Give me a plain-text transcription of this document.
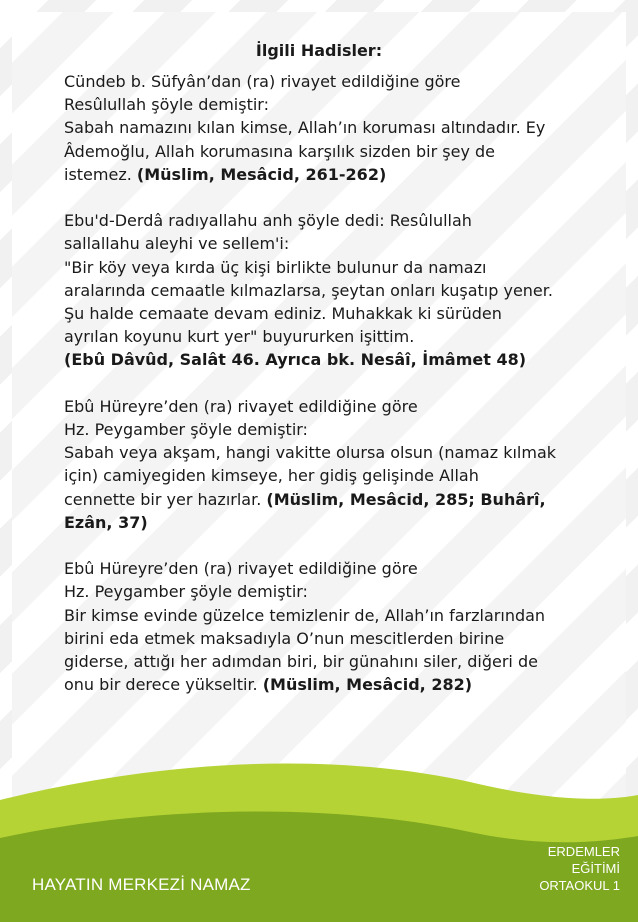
İlgili Hadisler:
Cündeb b. Süfyân’dan (ra) rivayet edildiğine göre
Resûlullah şöyle demiştir:
Sabah namazını kılan kimse, Allah’ın koruması altındadır. Ey
Âdemoğlu, Allah korumasına karşılık sizden bir şey de
istemez. (Müslim, Mesâcid, 261-262)
Ebu'd-Derdâ radıyallahu anh şöyle dedi: Resûlullah
sallallahu aleyhi ve sellem'i:
"Bir köy veya kırda üç kişi birlikte bulunur da namazı
aralarında cemaatle kılmazlarsa, şeytan onları kuşatıp yener.
Şu halde cemaate devam ediniz. Muhakkak ki sürüden
ayrılan koyunu kurt yer" buyururken işittim.
(Ebû Dâvûd, Salât 46. Ayrıca bk. Nesâî, İmâmet 48)
Ebû Hüreyre’den (ra) rivayet edildiğine göre
Hz. Peygamber şöyle demiştir:
Sabah veya akşam, hangi vakitte olursa olsun (namaz kılmak
için) camiyegiden kimseye, her gidiş gelişinde Allah
cennette bir yer hazırlar. (Müslim, Mesâcid, 285; Buhârî,
Ezân, 37)
Ebû Hüreyre’den (ra) rivayet edildiğine göre
Hz. Peygamber şöyle demiştir:
Bir kimse evinde güzelce temizlenir de, Allah’ın farzlarından
birini eda etmek maksadıyla O’nun mescitlerden birine
giderse, attığı her adımdan biri, bir günahını siler, diğeri de
onu bir derece yükseltir. (Müslim, Mesâcid, 282)
HAYATIN MERKEZİ NAMAZ
ERDEMLER
EĞİTİMİ
ORTAOKUL 1
